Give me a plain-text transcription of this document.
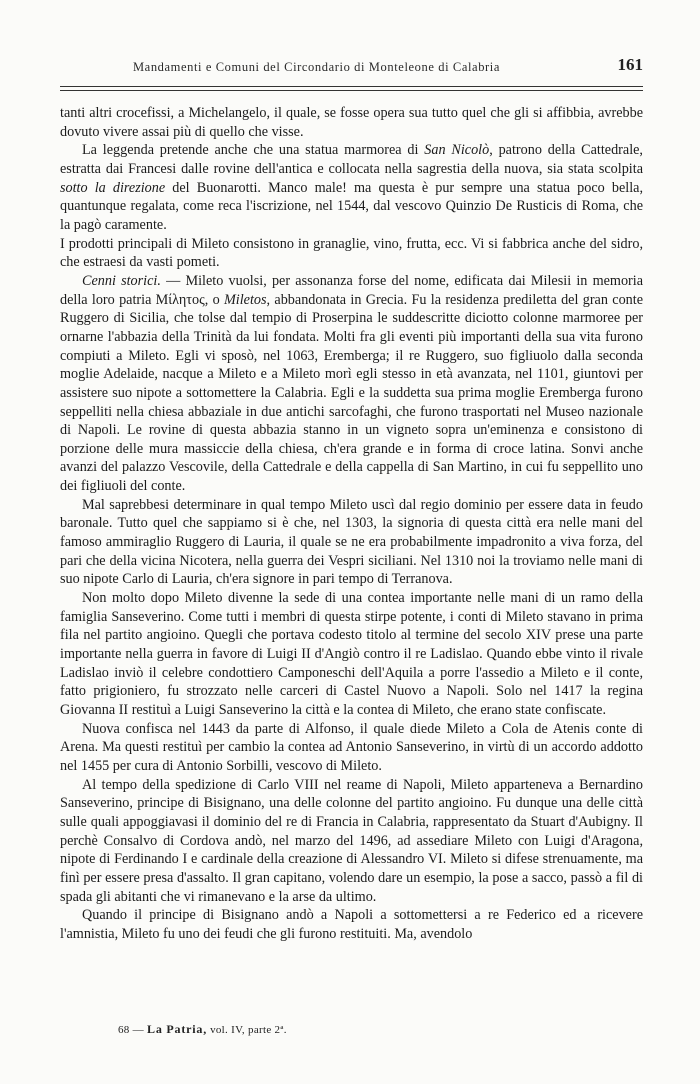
Mandamenti e Comuni del Circondario di Monteleone di Calabria	161

tanti altri crocefissi, a Michelangelo, il quale, se fosse opera sua tutto quel che gli si affibbia, avrebbe dovuto vivere assai più di quello che visse.

La leggenda pretende anche che una statua marmorea di San Nicolò, patrono della Cattedrale, estratta dai Francesi dalle rovine dell'antica e collocata nella sagrestia della nuova, sia stata scolpita sotto la direzione del Buonarotti. Manco male! ma questa è pur sempre una statua poco bella, quantunque regalata, come reca l'iscrizione, nel 1544, dal vescovo Quinzio De Rusticis di Roma, che la pagò caramente.

I prodotti principali di Mileto consistono in granaglie, vino, frutta, ecc. Vi si fabbrica anche del sidro, che estraesi da vasti pometi.

Cenni storici. — Mileto vuolsi, per assonanza forse del nome, edificata dai Milesii in memoria della loro patria Μίλητος, o Miletos, abbandonata in Grecia. Fu la residenza prediletta del gran conte Ruggero di Sicilia, che tolse dal tempio di Proserpina le suddescritte diciotto colonne marmoree per ornarne l'abbazia della Trinità da lui fondata. Molti fra gli eventi più importanti della sua vita furono compiuti a Mileto. Egli vi sposò, nel 1063, Eremberga; il re Ruggero, suo figliuolo dalla seconda moglie Adelaide, nacque a Mileto e a Mileto morì egli stesso in età avanzata, nel 1101, giuntovi per assistere suo nipote a sottomettere la Calabria. Egli e la suddetta sua prima moglie Eremberga furono seppelliti nella chiesa abbaziale in due antichi sarcofaghi, che furono trasportati nel Museo nazionale di Napoli. Le rovine di questa abbazia stanno in un vigneto sopra un'eminenza e consistono di porzione delle mura massiccie della chiesa, ch'era grande e in forma di croce latina. Sonvi anche avanzi del palazzo Vescovile, della Cattedrale e della cappella di San Martino, in cui fu seppellito uno dei figliuoli del conte.

Mal saprebbesi determinare in qual tempo Mileto uscì dal regio dominio per essere data in feudo baronale. Tutto quel che sappiamo si è che, nel 1303, la signoria di questa città era nelle mani del famoso ammiraglio Ruggero di Lauria, il quale se ne era probabilmente impadronito a viva forza, del pari che della vicina Nicotera, nella guerra dei Vespri siciliani. Nel 1310 noi la troviamo nelle mani di suo nipote Carlo di Lauria, ch'era signore in pari tempo di Terranova.

Non molto dopo Mileto divenne la sede di una contea importante nelle mani di un ramo della famiglia Sanseverino. Come tutti i membri di questa stirpe potente, i conti di Mileto stavano in prima fila nel partito angioino. Quegli che portava codesto titolo al termine del secolo XIV prese una parte importante nella guerra in favore di Luigi II d'Angiò contro il re Ladislao. Quando ebbe vinto il rivale Ladislao inviò il celebre condottiero Camponeschi dell'Aquila a porre l'assedio a Mileto e il conte, fatto prigioniero, fu strozzato nelle carceri di Castel Nuovo a Napoli. Solo nel 1417 la regina Giovanna II restituì a Luigi Sanseverino la città e la contea di Mileto, che erano state confiscate.

Nuova confisca nel 1443 da parte di Alfonso, il quale diede Mileto a Cola de Atenis conte di Arena. Ma questi restituì per cambio la contea ad Antonio Sanseverino, in virtù di un accordo addotto nel 1455 per cura di Antonio Sorbilli, vescovo di Mileto.

Al tempo della spedizione di Carlo VIII nel reame di Napoli, Mileto apparteneva a Bernardino Sanseverino, principe di Bisignano, una delle colonne del partito angioino. Fu dunque una delle città sulle quali appoggiavasi il dominio del re di Francia in Calabria, rappresentato da Stuart d'Aubigny. Il perchè Consalvo di Cordova andò, nel marzo del 1496, ad assediare Mileto con Luigi d'Aragona, nipote di Ferdinando I e cardinale della creazione di Alessandro VI. Mileto si difese strenuamente, ma finì per essere presa d'assalto. Il gran capitano, volendo dare un esempio, la pose a sacco, passò a fil di spada gli abitanti che vi rimanevano e la arse da ultimo.

Quando il principe di Bisignano andò a Napoli a sottomettersi a re Federico ed a ricevere l'amnistia, Mileto fu uno dei feudi che gli furono restituiti. Ma, avendolo

68 — La Patria, vol. IV, parte 2ª.
